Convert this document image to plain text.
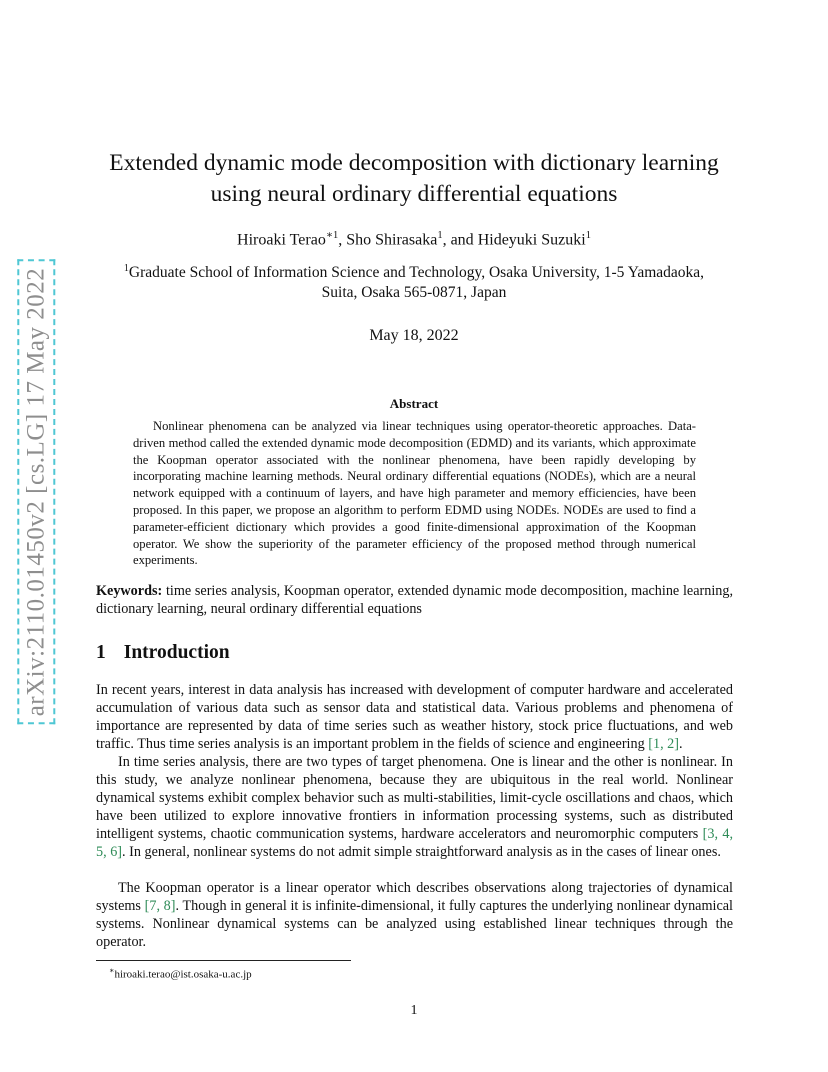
arXiv:2110.01450v2 [cs.LG] 17 May 2022
Extended dynamic mode decomposition with dictionary learning
using neural ordinary differential equations
Hiroaki Terao$^{∗1}$, Sho Shirasaka$^1$, and Hideyuki Suzuki$^1$
$^1$Graduate School of Information Science and Technology, Osaka University, 1-5 Yamadaoka,
Suita, Osaka 565-0871, Japan
May 18, 2022
Abstract

Nonlinear phenomena can be analyzed via linear techniques using operator-theoretic approaches. Data-driven method called the extended dynamic mode decomposition (EDMD) and its variants, which approximate the Koopman operator associated with the nonlinear phenomena, have been rapidly developing by incorporating machine learning methods. Neural ordinary differential equations (NODEs), which are a neural network equipped with a continuum of layers, and have high parameter and memory efficiencies, have been proposed. In this paper, we propose an algorithm to perform EDMD using NODEs. NODEs are used to find a parameter-efficient dictionary which provides a good finite-dimensional approximation of the Koopman operator. We show the superiority of the parameter efficiency of the proposed method through numerical experiments.

Keywords: time series analysis, Koopman operator, extended dynamic mode decomposition, machine learning, dictionary learning, neural ordinary differential equations

1 Introduction

In recent years, interest in data analysis has increased with development of computer hardware and accelerated accumulation of various data such as sensor data and statistical data. Various problems and phenomena of importance are represented by data of time series such as weather history, stock price fluctuations, and web traffic. Thus time series analysis is an important problem in the fields of science and engineering [1, 2].

In time series analysis, there are two types of target phenomena. One is linear and the other is nonlinear. In this study, we analyze nonlinear phenomena, because they are ubiquitous in the real world. Nonlinear dynamical systems exhibit complex behavior such as multi-stabilities, limit-cycle oscillations and chaos, which have been utilized to explore innovative frontiers in information processing systems, such as distributed intelligent systems, chaotic communication systems, hardware accelerators and neuromorphic computers [3, 4, 5, 6]. In general, nonlinear systems do not admit simple straightforward analysis as in the cases of linear ones.

The Koopman operator is a linear operator which describes observations along trajectories of dynamical systems [7, 8]. Though in general it is infinite-dimensional, it fully captures the underlying nonlinear dynamical systems. Nonlinear dynamical systems can be analyzed using established linear techniques through the operator.

∗hiroaki.terao@ist.osaka-u.ac.jp
1
